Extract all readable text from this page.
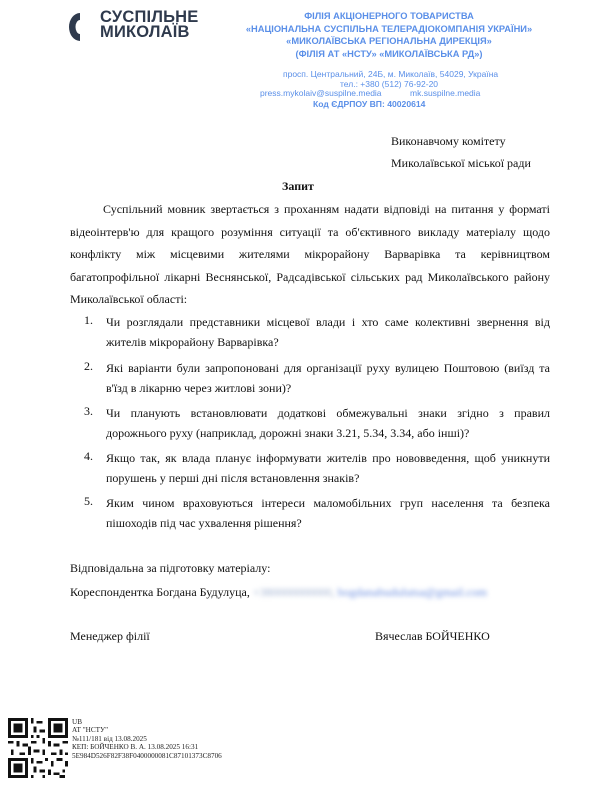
СУСПІЛЬНЕ
МИКОЛАЇВ
ФІЛІЯ АКЦІОНЕРНОГО ТОВАРИСТВА
«НАЦІОНАЛЬНА СУСПІЛЬНА ТЕЛЕРАДІОКОМПАНІЯ УКРАЇНИ»
«МИКОЛАЇВСЬКА РЕГІОНАЛЬНА ДИРЕКЦІЯ»
(ФІЛІЯ АТ «НСТУ» «МИКОЛАЇВСЬКА РД»)
просп. Центральний, 24Б, м. Миколаїв, 54029, Україна
тел.: +380 (512) 76-92-20
press.mykolaiv@suspilne.media	mk.suspilne.media
Код ЄДРПОУ ВП: 40020614
Виконавчому комітету
Миколаївської міської ради
Запит
Суспільний мовник звертається з проханням надати відповіді на питання у форматі відеоінтерв'ю для кращого розуміння ситуації та об'єктивного викладу матеріалу щодо конфлікту між місцевими жителями мікрорайону Варварівка та керівництвом багатопрофільної лікарні Веснянської, Радсадівської сільських рад Миколаївського району Миколаївської області:
1.	Чи розглядали представники місцевої влади і хто саме колективні звернення від жителів мікрорайону Варварівка?
2.	Які варіанти були запропоновані для організації руху вулицею Поштовою (виїзд та в'їзд в лікарню через житлові зони)?
3.	Чи планують встановлювати додаткові обмежувальні знаки згідно з правил дорожнього руху (наприклад, дорожні знаки 3.21, 5.34, 3.34, або інші)?
4.	Якщо так, як влада планує інформувати жителів про нововведення, щоб уникнути порушень у перші дні після встановлення знаків?
5.	Яким чином враховуються інтереси маломобільних груп населення та безпека пішоходів під час ухвалення рішення?
Відповідальна за підготовку матеріалу:
Кореспондентка Богдана Будулуца, +380000000000, bogdanabudulutsa@gmail.com
Менеджер філії	Вячеслав БОЙЧЕНКО
UB
АТ "НСТУ"
№111/181 від 13.08.2025
КЕП: БОЙЧЕНКО В. А. 13.08.2025 16:31
5E984D526F82F38F0400000081C87101373C8706
